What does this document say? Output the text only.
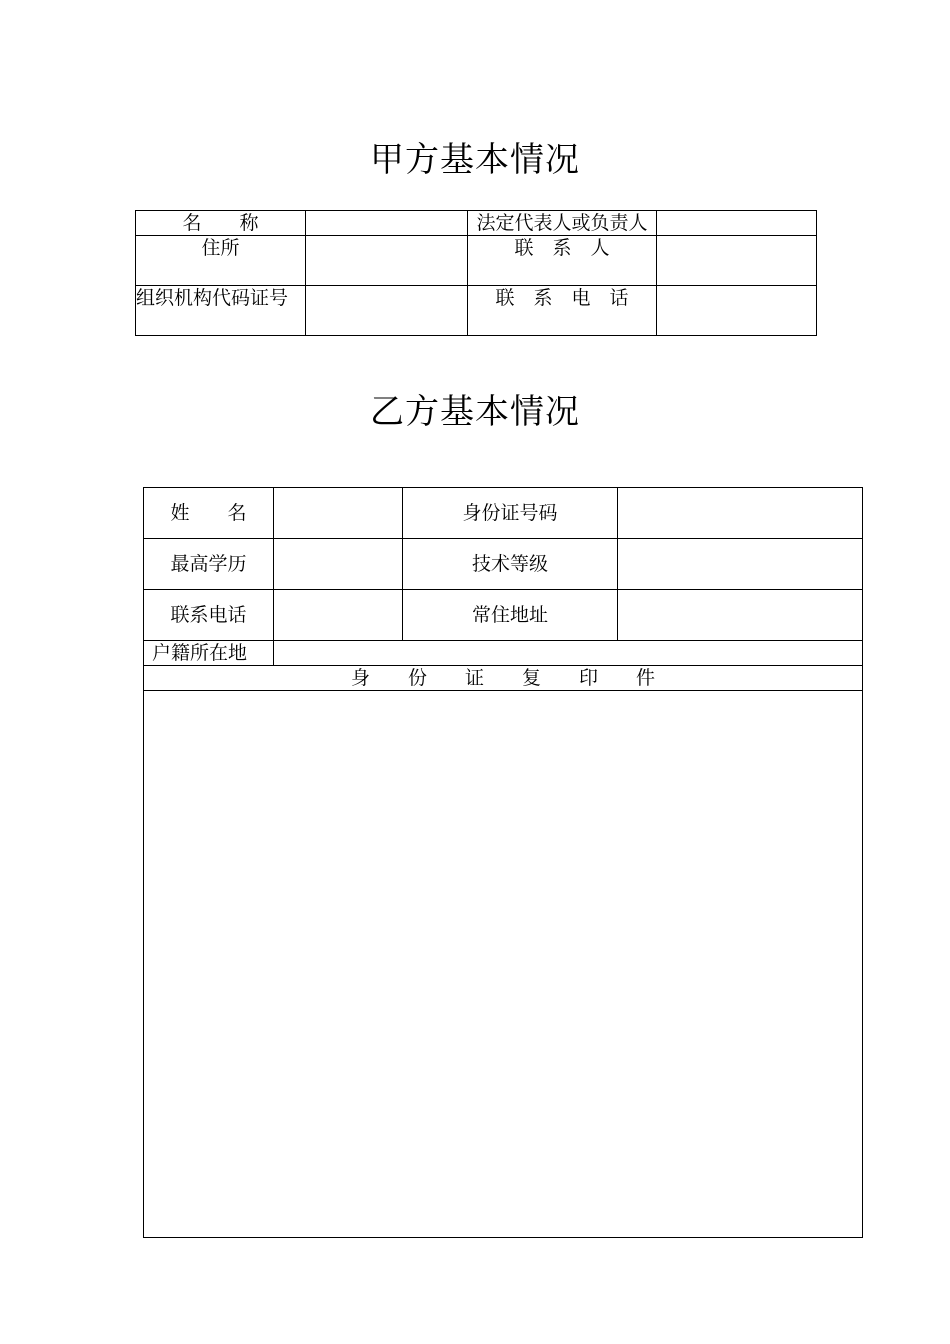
甲方基本情况
名　　称		法定代表人或负责人	
住所		联　系　人	
组织机构代码证号		联　系　电　话	
乙方基本情况
姓　　名		身份证号码	
最高学历		技术等级	
联系电话		常住地址	
户籍所在地			
身　　份　　证　　复　　印　　件			
